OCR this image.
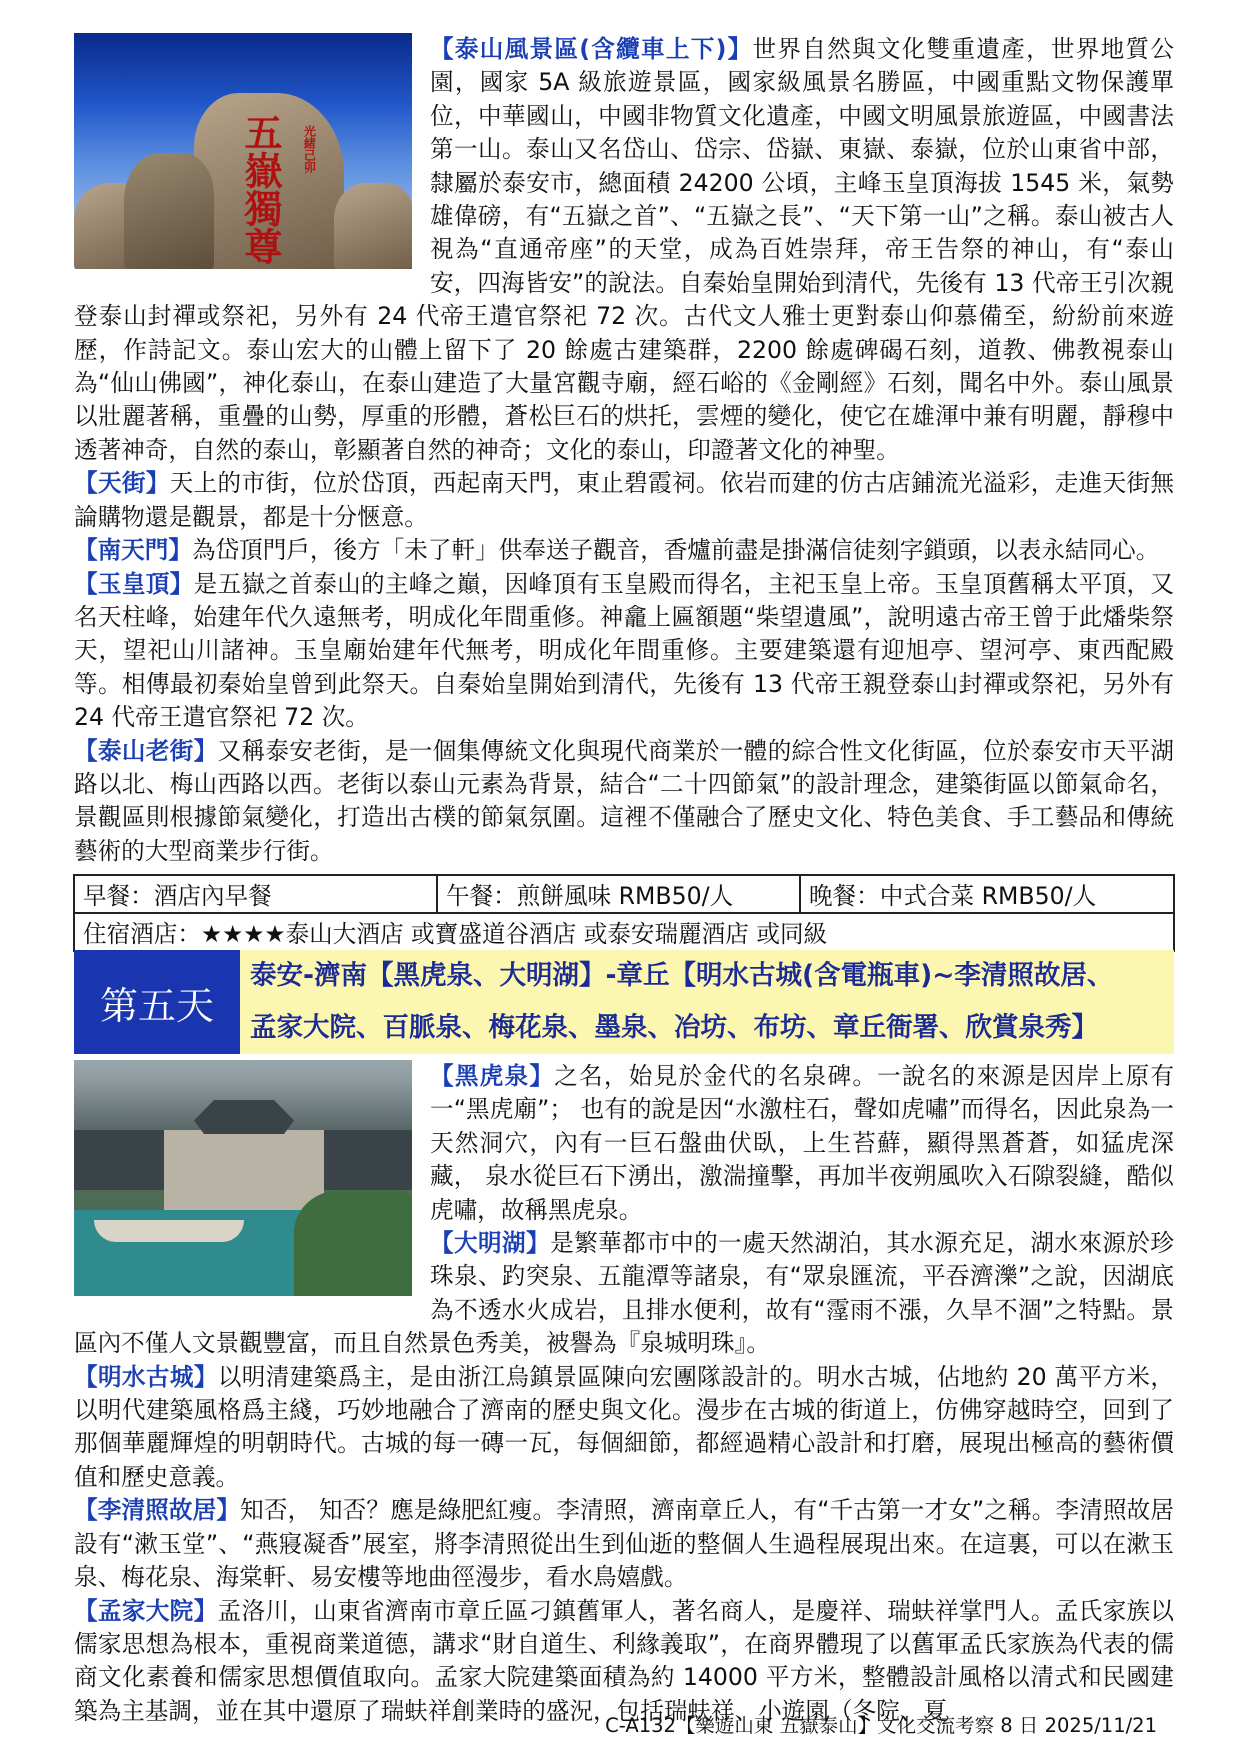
五嶽獨尊	光緒己卯

【泰山風景區(含纜車上下)】世界自然與文化雙重遺產，世界地質公園，國家 5A 級旅遊景區，國家級風景名勝區，中國重點文物保護單位，中華國山，中國非物質文化遺產，中國文明風景旅遊區，中國書法第一山。泰山又名岱山、岱宗、岱嶽、東嶽、泰嶽，位於山東省中部，隸屬於泰安市，總面積 24200 公頃，主峰玉皇頂海拔 1545 米，氣勢雄偉磅，有“五嶽之首”、“五嶽之長”、“天下第一山”之稱。泰山被古人視為“直通帝座”的天堂，成為百姓崇拜，帝王告祭的神山，有“泰山安，四海皆安”的說法。自秦始皇開始到清代，先後有 13 代帝王引次親登泰山封禪或祭祀，另外有 24 代帝王遣官祭祀 72 次。古代文人雅士更對泰山仰慕備至，紛紛前來遊歷，作詩記文。泰山宏大的山體上留下了 20 餘處古建築群，2200 餘處碑碣石刻，道教、佛教視泰山為“仙山佛國”，神化泰山，在泰山建造了大量宮觀寺廟，經石峪的《金剛經》石刻，聞名中外。泰山風景以壯麗著稱，重疊的山勢，厚重的形體，蒼松巨石的烘托，雲煙的變化，使它在雄渾中兼有明麗，靜穆中透著神奇，自然的泰山，彰顯著自然的神奇；文化的泰山，印證著文化的神聖。

【天街】天上的市街，位於岱頂，西起南天門，東止碧霞祠。依岩而建的仿古店鋪流光溢彩，走進天街無論購物還是觀景，都是十分愜意。

【南天門】為岱頂門戶，後方「未了軒」供奉送子觀音，香爐前盡是掛滿信徒刻字鎖頭，以表永結同心。

【玉皇頂】是五嶽之首泰山的主峰之巔，因峰頂有玉皇殿而得名，主祀玉皇上帝。玉皇頂舊稱太平頂，又名天柱峰，始建年代久遠無考，明成化年間重修。神龕上匾額題“柴望遺風”，說明遠古帝王曾于此燔柴祭天，望祀山川諸神。玉皇廟始建年代無考，明成化年間重修。主要建築還有迎旭亭、望河亭、東西配殿等。相傳最初秦始皇曾到此祭天。自秦始皇開始到清代，先後有 13 代帝王親登泰山封禪或祭祀，另外有 24 代帝王遣官祭祀 72 次。

【泰山老街】又稱泰安老街，是一個集傳統文化與現代商業於一體的綜合性文化街區，位於泰安市天平湖路以北、梅山西路以西。老街以泰山元素為背景，結合“二十四節氣”的設計理念，建築街區以節氣命名，景觀區則根據節氣變化，打造出古樸的節氣氛圍。這裡不僅融合了歷史文化、特色美食、手工藝品和傳統藝術的大型商業步行街。

早餐：酒店內早餐	午餐：煎餅風味 RMB50/人	晚餐：中式合菜 RMB50/人
住宿酒店：★★★★泰山大酒店 或寶盛道谷酒店 或泰安瑞麗酒店 或同級
第五天
泰安-濟南【黑虎泉、大明湖】-章丘【明水古城(含電瓶車)~李清照故居、
孟家大院、百脈泉、梅花泉、墨泉、冶坊、布坊、章丘衙署、欣賞泉秀】

【黑虎泉】之名，始見於金代的名泉碑。一說名的來源是因岸上原有一“黑虎廟”； 也有的說是因“水激柱石，聲如虎嘯”而得名，因此泉為一天然洞穴，內有一巨石盤曲伏臥，上生苔蘚，顯得黑蒼蒼，如猛虎深藏， 泉水從巨石下湧出，激湍撞擊，再加半夜朔風吹入石隙裂縫，酷似虎嘯，故稱黑虎泉。

【大明湖】是繁華都市中的一處天然湖泊，其水源充足，湖水來源於珍珠泉、趵突泉、五龍潭等諸泉，有“眾泉匯流，平吞濟濼”之說，因湖底為不透水火成岩，且排水便利，故有“霪雨不漲，久旱不涸”之特點。景區內不僅人文景觀豐富，而且自然景色秀美，被譽為『泉城明珠』。

【明水古城】以明清建築爲主，是由浙江烏鎮景區陳向宏團隊設計的。明水古城，佔地約 20 萬平方米，以明代建築風格爲主綫，巧妙地融合了濟南的歷史與文化。漫步在古城的街道上，仿佛穿越時空，回到了那個華麗輝煌的明朝時代。古城的每一磚一瓦，每個細節，都經過精心設計和打磨，展現出極高的藝術價值和歷史意義。

【李清照故居】知否， 知否？應是綠肥紅瘦。李清照，濟南章丘人，有“千古第一才女”之稱。李清照故居設有“漱玉堂”、“燕寢凝香”展室，將李清照從出生到仙逝的整個人生過程展現出來。在這裏，可以在漱玉泉、梅花泉、海棠軒、易安樓等地曲徑漫步，看水鳥嬉戲。

【孟家大院】孟洛川，山東省濟南市章丘區刁鎮舊軍人，著名商人，是慶祥、瑞蚨祥掌門人。孟氏家族以儒家思想為根本，重視商業道德，講求“財自道生、利緣義取”，在商界體現了以舊軍孟氏家族為代表的儒商文化素養和儒家思想價值取向。孟家大院建築面積為約 14000 平方米，整體設計風格以清式和民國建築為主基調，並在其中還原了瑞蚨祥創業時的盛況，包括瑞蚨祥、小遊園（冬院、夏

C-A132【樂遊山東 五嶽泰山】文化交流考察 8 日 2025/11/21
